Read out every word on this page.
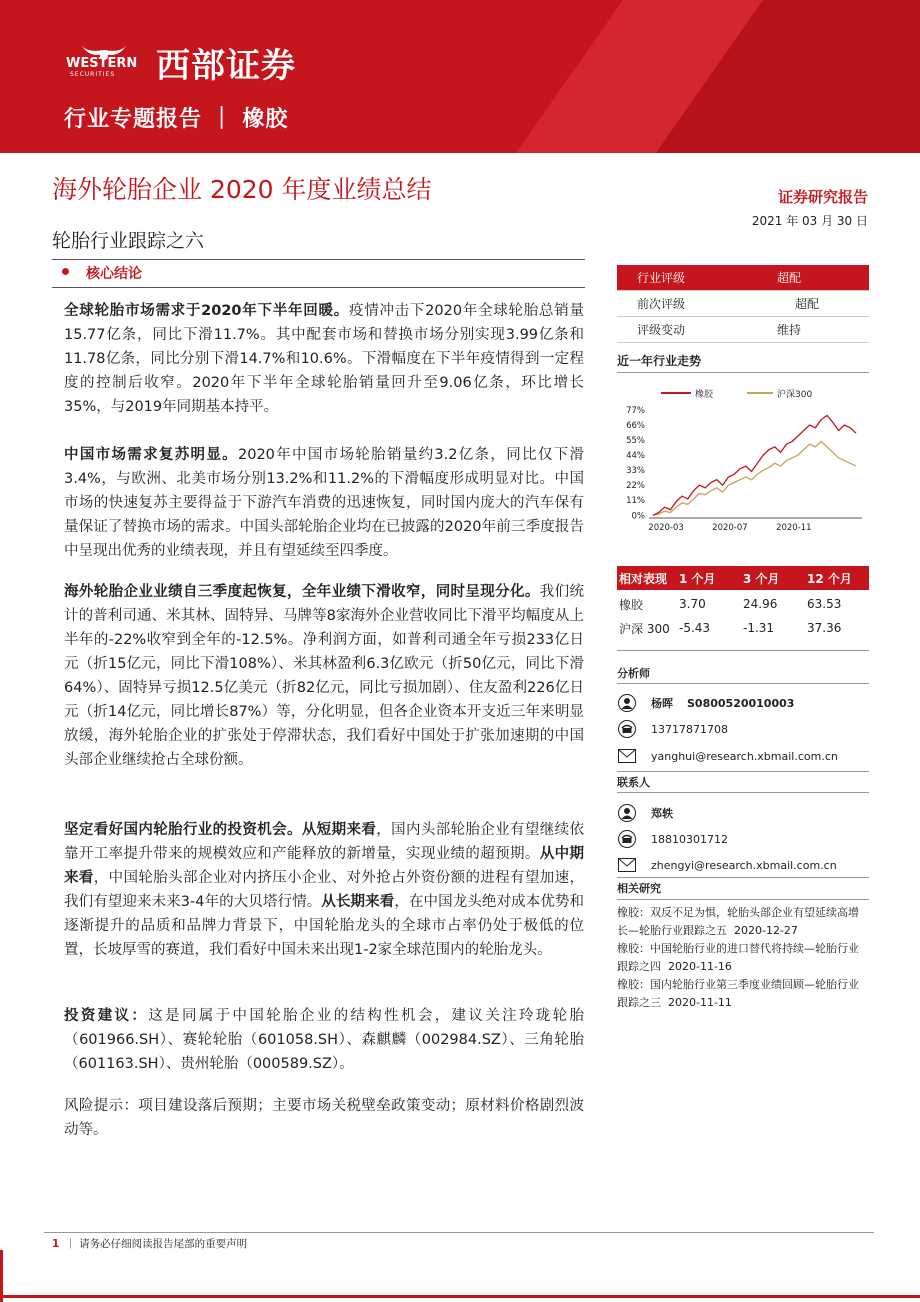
WESTERN
SECURITIES 西部证券
行业专题报告 ｜ 橡胶
海外轮胎企业 2020 年度业绩总结
轮胎行业跟踪之六
证券研究报告
2021 年 03 月 30 日
核心结论
全球轮胎市场需求于2020年下半年回暖。疫情冲击下2020年全球轮胎总销量15.77亿条，同比下滑11.7%。其中配套市场和替换市场分别实现3.99亿条和11.78亿条，同比分别下滑14.7%和10.6%。下滑幅度在下半年疫情得到一定程度的控制后收窄。2020年下半年全球轮胎销量回升至9.06亿条，环比增长35%，与2019年同期基本持平。
中国市场需求复苏明显。2020年中国市场轮胎销量约3.2亿条，同比仅下滑3.4%，与欧洲、北美市场分别13.2%和11.2%的下滑幅度形成明显对比。中国市场的快速复苏主要得益于下游汽车消费的迅速恢复，同时国内庞大的汽车保有量保证了替换市场的需求。中国头部轮胎企业均在已披露的2020年前三季度报告中呈现出优秀的业绩表现，并且有望延续至四季度。
海外轮胎企业业绩自三季度起恢复，全年业绩下滑收窄，同时呈现分化。我们统计的普利司通、米其林、固特异、马牌等8家海外企业营收同比下滑平均幅度从上半年的-22%收窄到全年的-12.5%。净利润方面，如普利司通全年亏损233亿日元（折15亿元，同比下滑108%）、米其林盈利6.3亿欧元（折50亿元，同比下滑64%）、固特异亏损12.5亿美元（折82亿元，同比亏损加剧）、住友盈利226亿日元（折14亿元，同比增长87%）等，分化明显，但各企业资本开支近三年来明显放缓，海外轮胎企业的扩张处于停滞状态，我们看好中国处于扩张加速期的中国头部企业继续抢占全球份额。
坚定看好国内轮胎行业的投资机会。从短期来看，国内头部轮胎企业有望继续依靠开工率提升带来的规模效应和产能释放的新增量，实现业绩的超预期。从中期来看，中国轮胎头部企业对内挤压小企业、对外抢占外资份额的进程有望加速，我们有望迎来未来3-4年的大贝塔行情。从长期来看，在中国龙头绝对成本优势和逐渐提升的品质和品牌力背景下，中国轮胎龙头的全球市占率仍处于极低的位置，长坡厚雪的赛道，我们看好中国未来出现1-2家全球范围内的轮胎龙头。
投资建议：这是同属于中国轮胎企业的结构性机会，建议关注玲珑轮胎（601966.SH）、赛轮轮胎（601058.SH）、森麒麟（002984.SZ）、三角轮胎（601163.SH）、贵州轮胎（000589.SZ）。
风险提示：项目建设落后预期；主要市场关税壁垒政策变动；原材料价格剧烈波动等。
行业评级	超配
前次评级	超配
评级变动	维持
近一年行业走势
橡胶	沪深300
77%
66%
55%
44%
33%
22%
11%
0%
2020-03	2020-07	2020-11
相对表现 1 个月	3 个月	12 个月
橡胶	3.70	24.96	63.53
沪深 300 -5.43	-1.31	37.36
分析师
杨晖 S0800520010003
13717871708
yanghui@research.xbmail.com.cn
联系人
郑轶
18810301712
zhengyi@research.xbmail.com.cn
相关研究
橡胶：双反不足为惧，轮胎头部企业有望延续高增长—轮胎行业跟踪之五 2020-12-27
橡胶：中国轮胎行业的进口替代将持续—轮胎行业跟踪之四 2020-11-16
橡胶：国内轮胎行业第三季度业绩回顾—轮胎行业跟踪之三 2020-11-11
1 ｜ 请务必仔细阅读报告尾部的重要声明
